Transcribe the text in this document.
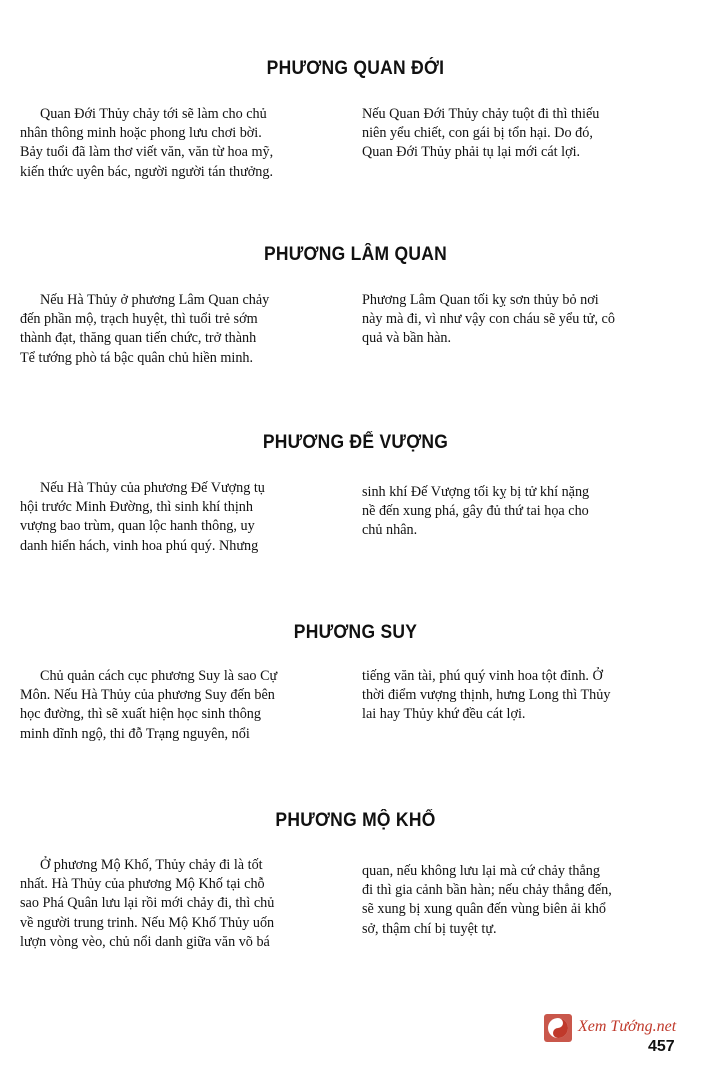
PHƯƠNG QUAN ĐỚI
Quan Đới Thủy chảy tới sẽ làm cho chủ
nhân thông minh hoặc phong lưu chơi bời.
Bảy tuổi đã làm thơ viết văn, văn từ hoa mỹ,
kiến thức uyên bác, người người tán thưởng.
Nếu Quan Đới Thủy chảy tuột đi thì thiếu
niên yểu chiết, con gái bị tổn hại. Do đó,
Quan Đới Thủy phải tụ lại mới cát lợi.
PHƯƠNG LÂM QUAN
Nếu Hà Thủy ở phương Lâm Quan chảy
đến phần mộ, trạch huyệt, thì tuổi trẻ sớm
thành đạt, thăng quan tiến chức, trở thành
Tể tướng phò tá bậc quân chủ hiền minh.
Phương Lâm Quan tối kỵ sơn thủy bỏ nơi
này mà đi, vì như vậy con cháu sẽ yểu tử, cô
quả và bần hàn.
PHƯƠNG ĐẾ VƯỢNG
Nếu Hà Thủy của phương Đế Vượng tụ
hội trước Minh Đường, thì sinh khí thịnh
vượng bao trùm, quan lộc hanh thông, uy
danh hiển hách, vinh hoa phú quý. Nhưng
sinh khí Đế Vượng tối kỵ bị tử khí nặng
nề đến xung phá, gây đủ thứ tai họa cho
chủ nhân.
PHƯƠNG SUY
Chủ quản cách cục phương Suy là sao Cự
Môn. Nếu Hà Thủy của phương Suy đến bên
học đường, thì sẽ xuất hiện học sinh thông
minh dĩnh ngộ, thi đỗ Trạng nguyên, nổi
tiếng văn tài, phú quý vinh hoa tột đỉnh. Ở
thời điểm vượng thịnh, hưng Long thì Thủy
lai hay Thủy khứ đều cát lợi.
PHƯƠNG MỘ KHỐ
Ở phương Mộ Khố, Thủy chảy đi là tốt
nhất. Hà Thủy của phương Mộ Khố tại chỗ
sao Phá Quân lưu lại rồi mới chảy đi, thì chủ
về người trung trinh. Nếu Mộ Khố Thủy uốn
lượn vòng vèo, chủ nổi danh giữa văn võ bá
quan, nếu không lưu lại mà cứ chảy thẳng
đi thì gia cảnh bần hàn; nếu chảy thẳng đến,
sẽ xung bị xung quân đến vùng biên ải khổ
sở, thậm chí bị tuyệt tự.
Xem Tướng.net
457
